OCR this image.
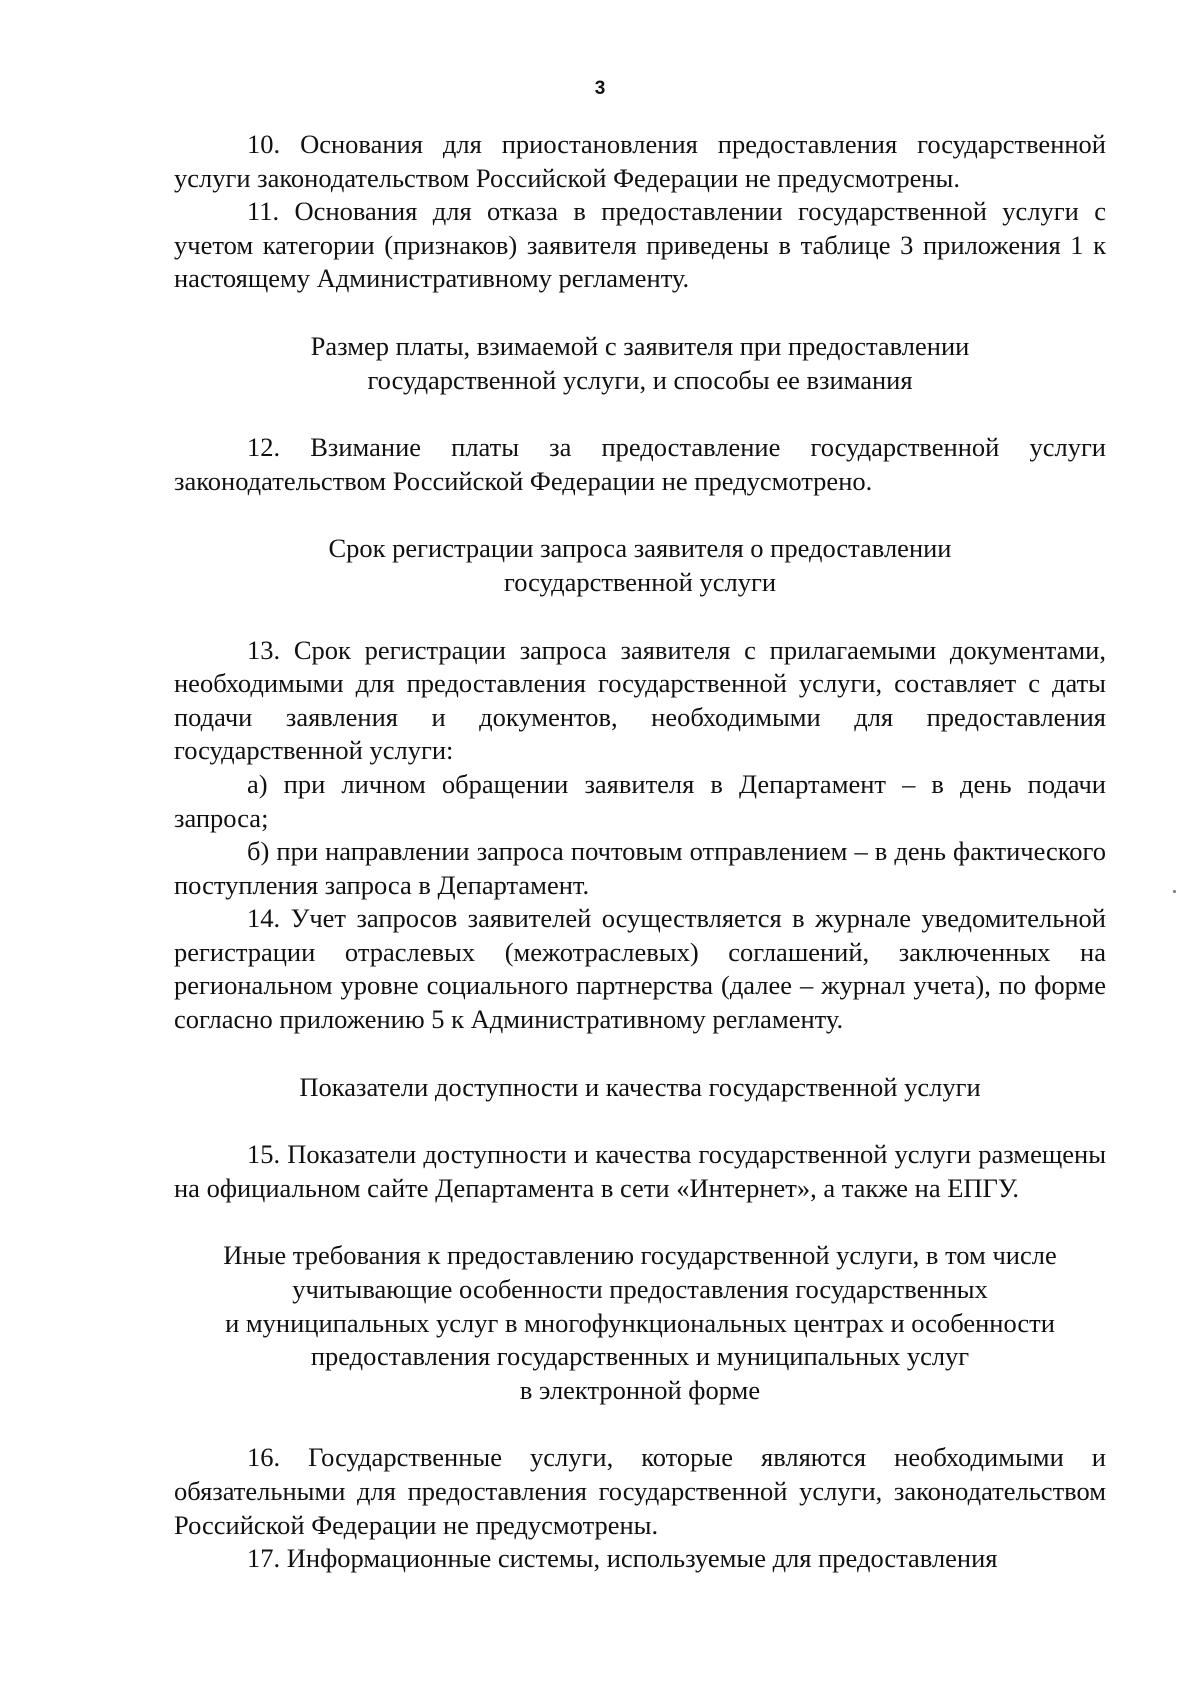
3

10. Основания для приостановления предоставления государственной услуги законодательством Российской Федерации не предусмотрены.

11. Основания для отказа в предоставлении государственной услуги с учетом категории (признаков) заявителя приведены в таблице 3 приложения 1 к настоящему Административному регламенту.

Размер платы, взимаемой с заявителя при предоставлении
государственной услуги, и способы ее взимания

12. Взимание платы за предоставление государственной услуги законодательством Российской Федерации не предусмотрено.

Срок регистрации запроса заявителя о предоставлении
государственной услуги

13. Срок регистрации запроса заявителя с прилагаемыми документами, необходимыми для предоставления государственной услуги, составляет с даты подачи заявления и документов, необходимыми для предоставления государственной услуги:

а) при личном обращении заявителя в Департамент – в день подачи запроса;

б) при направлении запроса почтовым отправлением – в день фактического поступления запроса в Департамент.

14. Учет запросов заявителей осуществляется в журнале уведомительной регистрации отраслевых (межотраслевых) соглашений, заключенных на региональном уровне социального партнерства (далее – журнал учета), по форме согласно приложению 5 к Административному регламенту.

Показатели доступности и качества государственной услуги

15. Показатели доступности и качества государственной услуги размещены на официальном сайте Департамента в сети «Интернет», а также на ЕПГУ.

Иные требования к предоставлению государственной услуги, в том числе
учитывающие особенности предоставления государственных
и муниципальных услуг в многофункциональных центрах и особенности
предоставления государственных и муниципальных услуг
в электронной форме

16. Государственные услуги, которые являются необходимыми и обязательными для предоставления государственной услуги, законодательством Российской Федерации не предусмотрены.

17. Информационные системы, используемые для предоставления
